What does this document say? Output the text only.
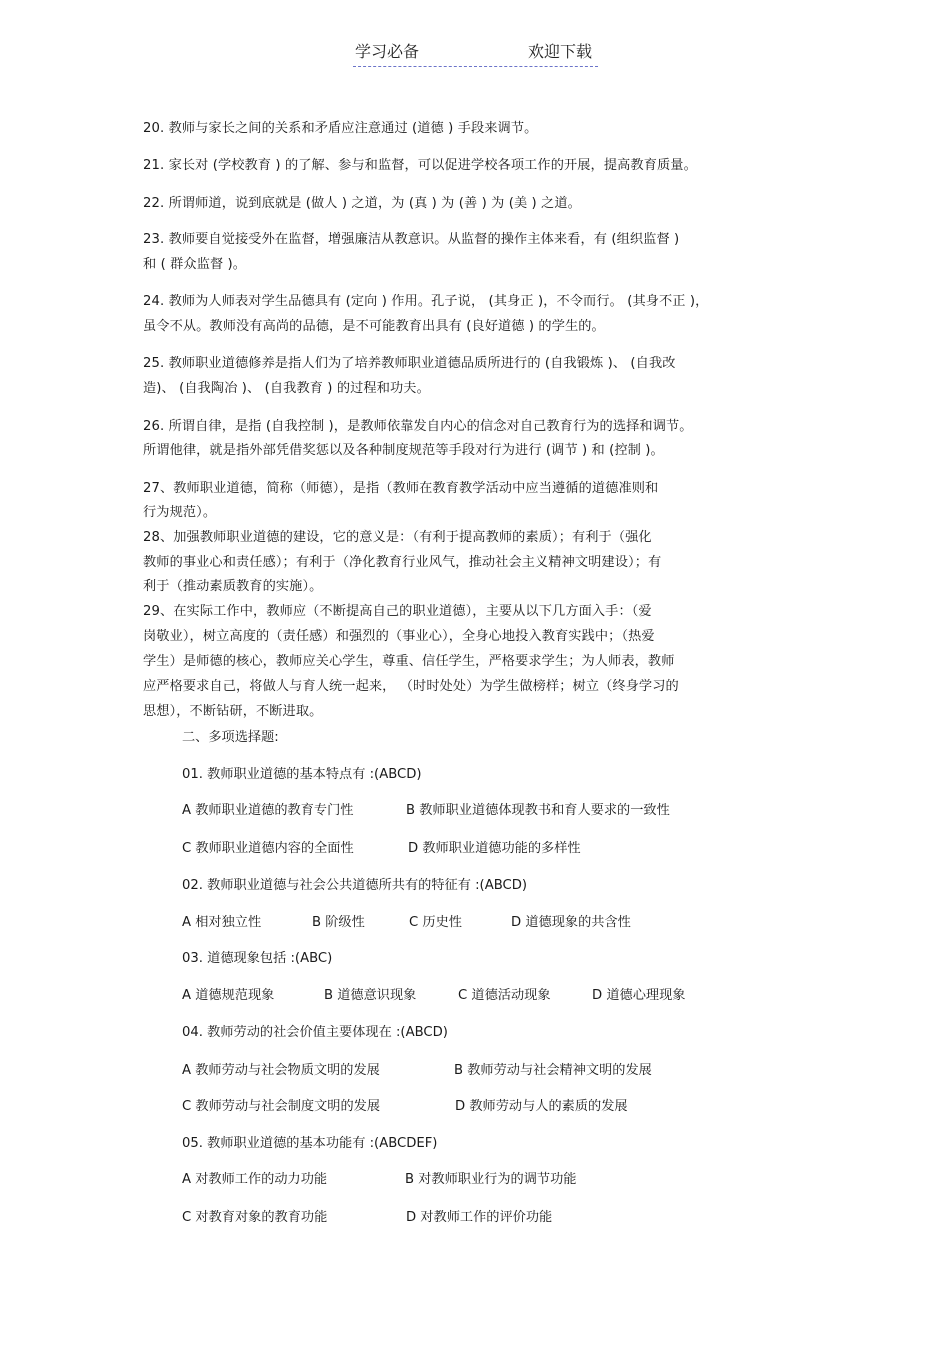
学习必备	欢迎下载
20. 教师与家长之间的关系和矛盾应注意通过 (道德 ) 手段来调节。
21. 家长对 (学校教育 ) 的了解、参与和监督，可以促进学校各项工作的开展，提高教育质量。
22. 所谓师道，说到底就是 (做人 ) 之道，为 (真 ) 为 (善 ) 为 (美 ) 之道。
23. 教师要自觉接受外在监督，增强廉洁从教意识。从监督的操作主体来看，有 (组织监督 )
和 ( 群众监督 )。
24. 教师为人师表对学生品德具有 (定向 ) 作用。孔子说， (其身正 )，不令而行。 (其身不正 )，
虽令不从。教师没有高尚的品德，是不可能教育出具有 (良好道德 ) 的学生的。
25. 教师职业道德修养是指人们为了培养教师职业道德品质所进行的 (自我锻炼 )、 (自我改
造)、 (自我陶冶 )、 (自我教育 ) 的过程和功夫。
26. 所谓自律，是指 (自我控制 )，是教师依靠发自内心的信念对自己教育行为的选择和调节。
所谓他律，就是指外部凭借奖惩以及各种制度规范等手段对行为进行 (调节 ) 和 (控制 )。
27、教师职业道德，简称（师德），是指（教师在教育教学活动中应当遵循的道德准则和
行为规范）。
28、加强教师职业道德的建设，它的意义是：（有利于提高教师的素质）；有利于（强化
教师的事业心和责任感）；有利于（净化教育行业风气，推动社会主义精神文明建设）；有
利于（推动素质教育的实施）。
29、在实际工作中，教师应（不断提高自己的职业道德），主要从以下几方面入手：（爱
岗敬业），树立高度的（责任感）和强烈的（事业心），全身心地投入教育实践中；（热爱
学生）是师德的核心，教师应关心学生，尊重、信任学生，严格要求学生；为人师表，教师
应严格要求自己，将做人与育人统一起来， （时时处处）为学生做榜样；树立（终身学习的
思想），不断钻研，不断进取。
二、多项选择题:
01. 教师职业道德的基本特点有 :(ABCD)
A 教师职业道德的教育专门性	B 教师职业道德体现教书和育人要求的一致性
C 教师职业道德内容的全面性	D 教师职业道德功能的多样性
02. 教师职业道德与社会公共道德所共有的特征有 :(ABCD)
A 相对独立性	B 阶级性	C 历史性	D 道德现象的共含性
03. 道德现象包括 :(ABC)
A 道德规范现象	B 道德意识现象	C 道德活动现象	D 道德心理现象
04. 教师劳动的社会价值主要体现在 :(ABCD)
A 教师劳动与社会物质文明的发展	B 教师劳动与社会精神文明的发展
C 教师劳动与社会制度文明的发展	D 教师劳动与人的素质的发展
05. 教师职业道德的基本功能有 :(ABCDEF)
A 对教师工作的动力功能	B 对教师职业行为的调节功能
C 对教育对象的教育功能	D 对教师工作的评价功能
